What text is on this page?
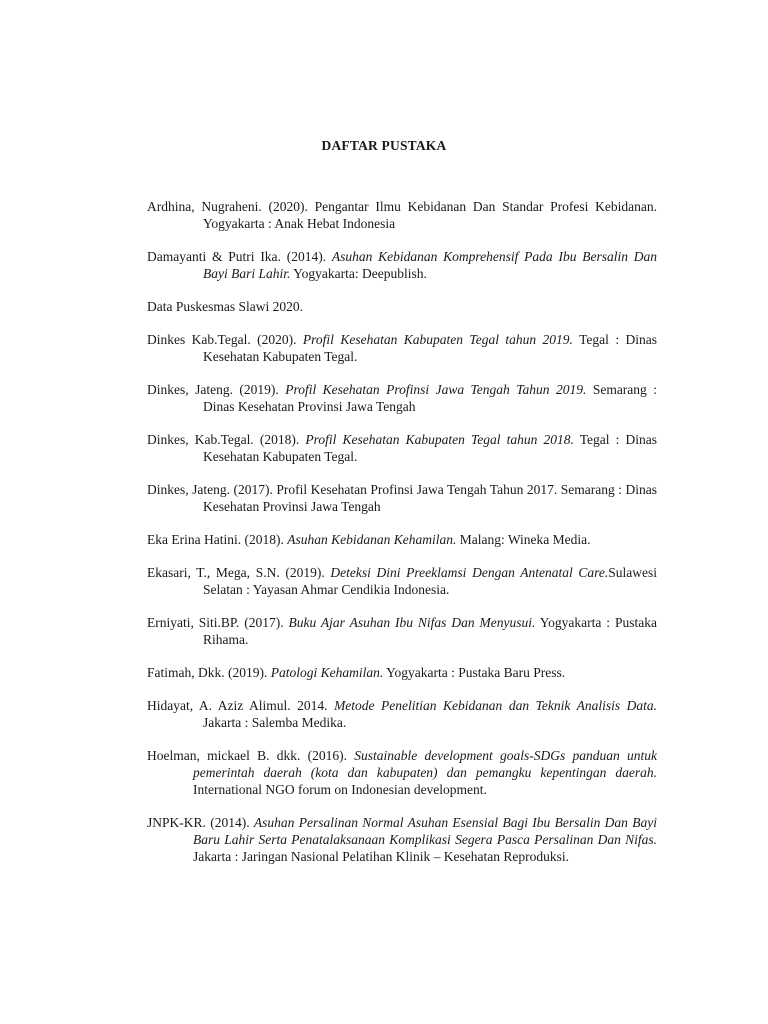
DAFTAR PUSTAKA

Ardhina, Nugraheni. (2020). Pengantar Ilmu Kebidanan Dan Standar Profesi Kebidanan. Yogyakarta : Anak Hebat Indonesia

Damayanti & Putri Ika. (2014). Asuhan Kebidanan Komprehensif Pada Ibu Bersalin Dan Bayi Bari Lahir. Yogyakarta: Deepublish.

Data Puskesmas Slawi 2020.

Dinkes Kab.Tegal. (2020). Profil Kesehatan Kabupaten Tegal tahun 2019. Tegal : Dinas Kesehatan Kabupaten Tegal.

Dinkes, Jateng. (2019). Profil Kesehatan Profinsi Jawa Tengah Tahun 2019. Semarang : Dinas Kesehatan Provinsi Jawa Tengah

Dinkes, Kab.Tegal. (2018). Profil Kesehatan Kabupaten Tegal tahun 2018. Tegal : Dinas Kesehatan Kabupaten Tegal.

Dinkes, Jateng. (2017). Profil Kesehatan Profinsi Jawa Tengah Tahun 2017. Semarang : Dinas Kesehatan Provinsi Jawa Tengah

Eka Erina Hatini. (2018). Asuhan Kebidanan Kehamilan. Malang: Wineka Media.

Ekasari, T., Mega, S.N. (2019). Deteksi Dini Preeklamsi Dengan Antenatal Care.Sulawesi Selatan : Yayasan Ahmar Cendikia Indonesia.

Erniyati, Siti.BP. (2017). Buku Ajar Asuhan Ibu Nifas Dan Menyusui. Yogyakarta : Pustaka Rihama.

Fatimah, Dkk. (2019). Patologi Kehamilan. Yogyakarta : Pustaka Baru Press.

Hidayat, A. Aziz Alimul. 2014. Metode Penelitian Kebidanan dan Teknik Analisis Data. Jakarta : Salemba Medika.

Hoelman, mickael B. dkk. (2016). Sustainable development goals-SDGs panduan untuk pemerintah daerah (kota dan kabupaten) dan pemangku kepentingan daerah. International NGO forum on Indonesian development.

JNPK-KR. (2014). Asuhan Persalinan Normal Asuhan Esensial Bagi Ibu Bersalin Dan Bayi Baru Lahir Serta Penatalaksanaan Komplikasi Segera Pasca Persalinan Dan Nifas. Jakarta : Jaringan Nasional Pelatihan Klinik – Kesehatan Reproduksi.
